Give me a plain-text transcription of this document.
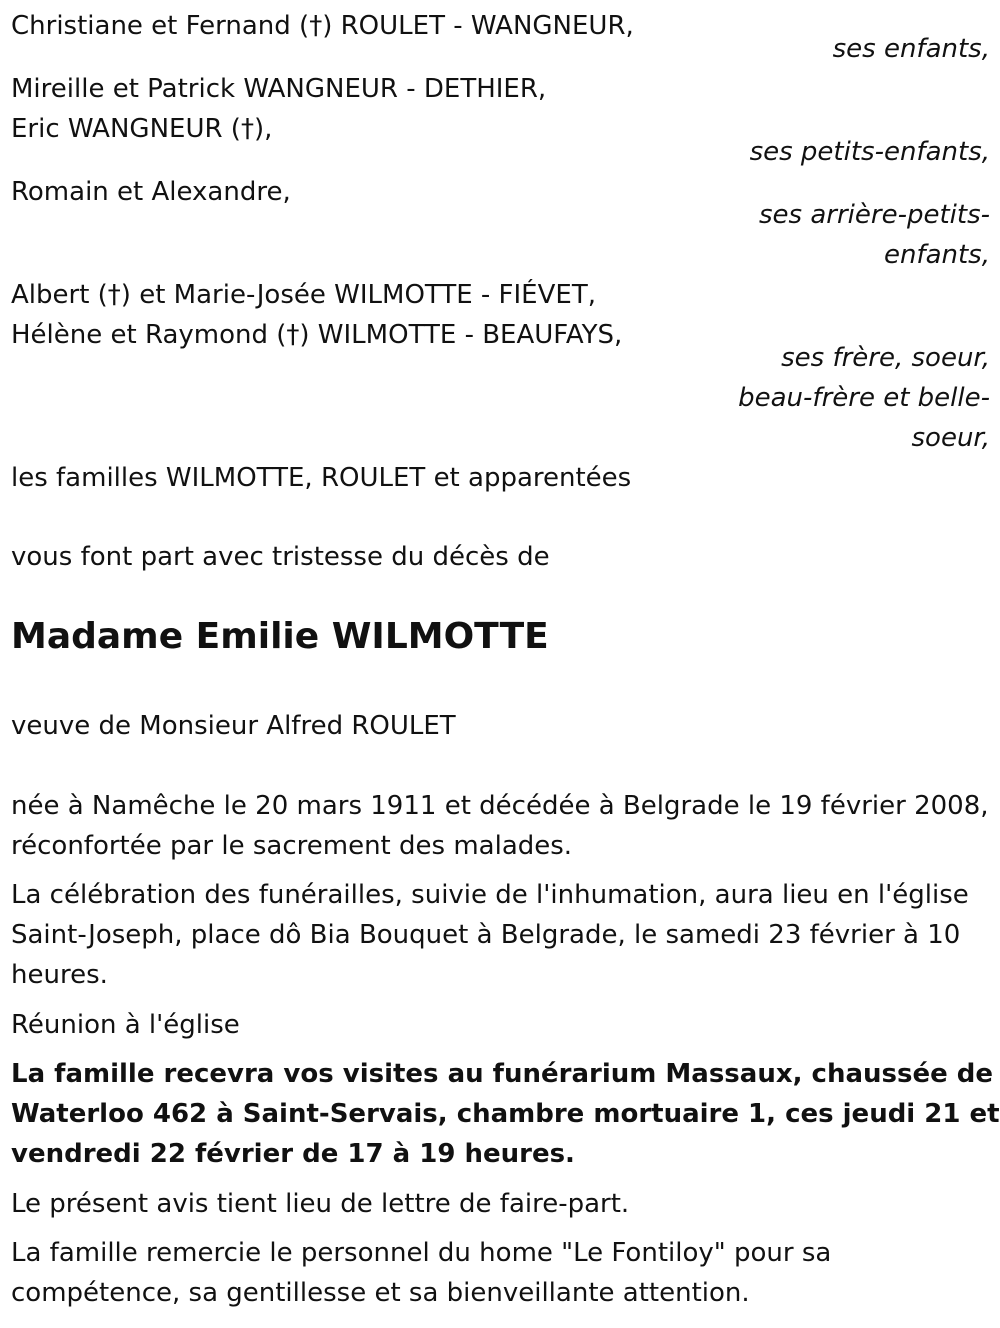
Christiane et Fernand (†) ROULET - WANGNEUR,

ses enfants,

Mireille et Patrick WANGNEUR - DETHIER,

Eric WANGNEUR (†),

ses petits-enfants,

Romain et Alexandre,

ses arrière-petits-

enfants,

Albert (†) et Marie-Josée WILMOTTE - FIÉVET,

Hélène et Raymond (†) WILMOTTE - BEAUFAYS,

ses frère, soeur,

beau-frère et belle-

soeur,

les familles WILMOTTE, ROULET et apparentées

vous font part avec tristesse du décès de

Madame Emilie WILMOTTE

veuve de Monsieur Alfred ROULET

née à Namêche le 20 mars 1911 et décédée à Belgrade le 19 février 2008,

réconfortée par le sacrement des malades.

La célébration des funérailles, suivie de l'inhumation, aura lieu en l'église

Saint-Joseph, place dô Bia Bouquet à Belgrade, le samedi 23 février à 10

heures.

Réunion à l'église

La famille recevra vos visites au funérarium Massaux, chaussée de

Waterloo 462 à Saint-Servais, chambre mortuaire 1, ces jeudi 21 et

vendredi 22 février de 17 à 19 heures.

Le présent avis tient lieu de lettre de faire-part.

La famille remercie le personnel du home "Le Fontiloy" pour sa

compétence, sa gentillesse et sa bienveillante attention.
